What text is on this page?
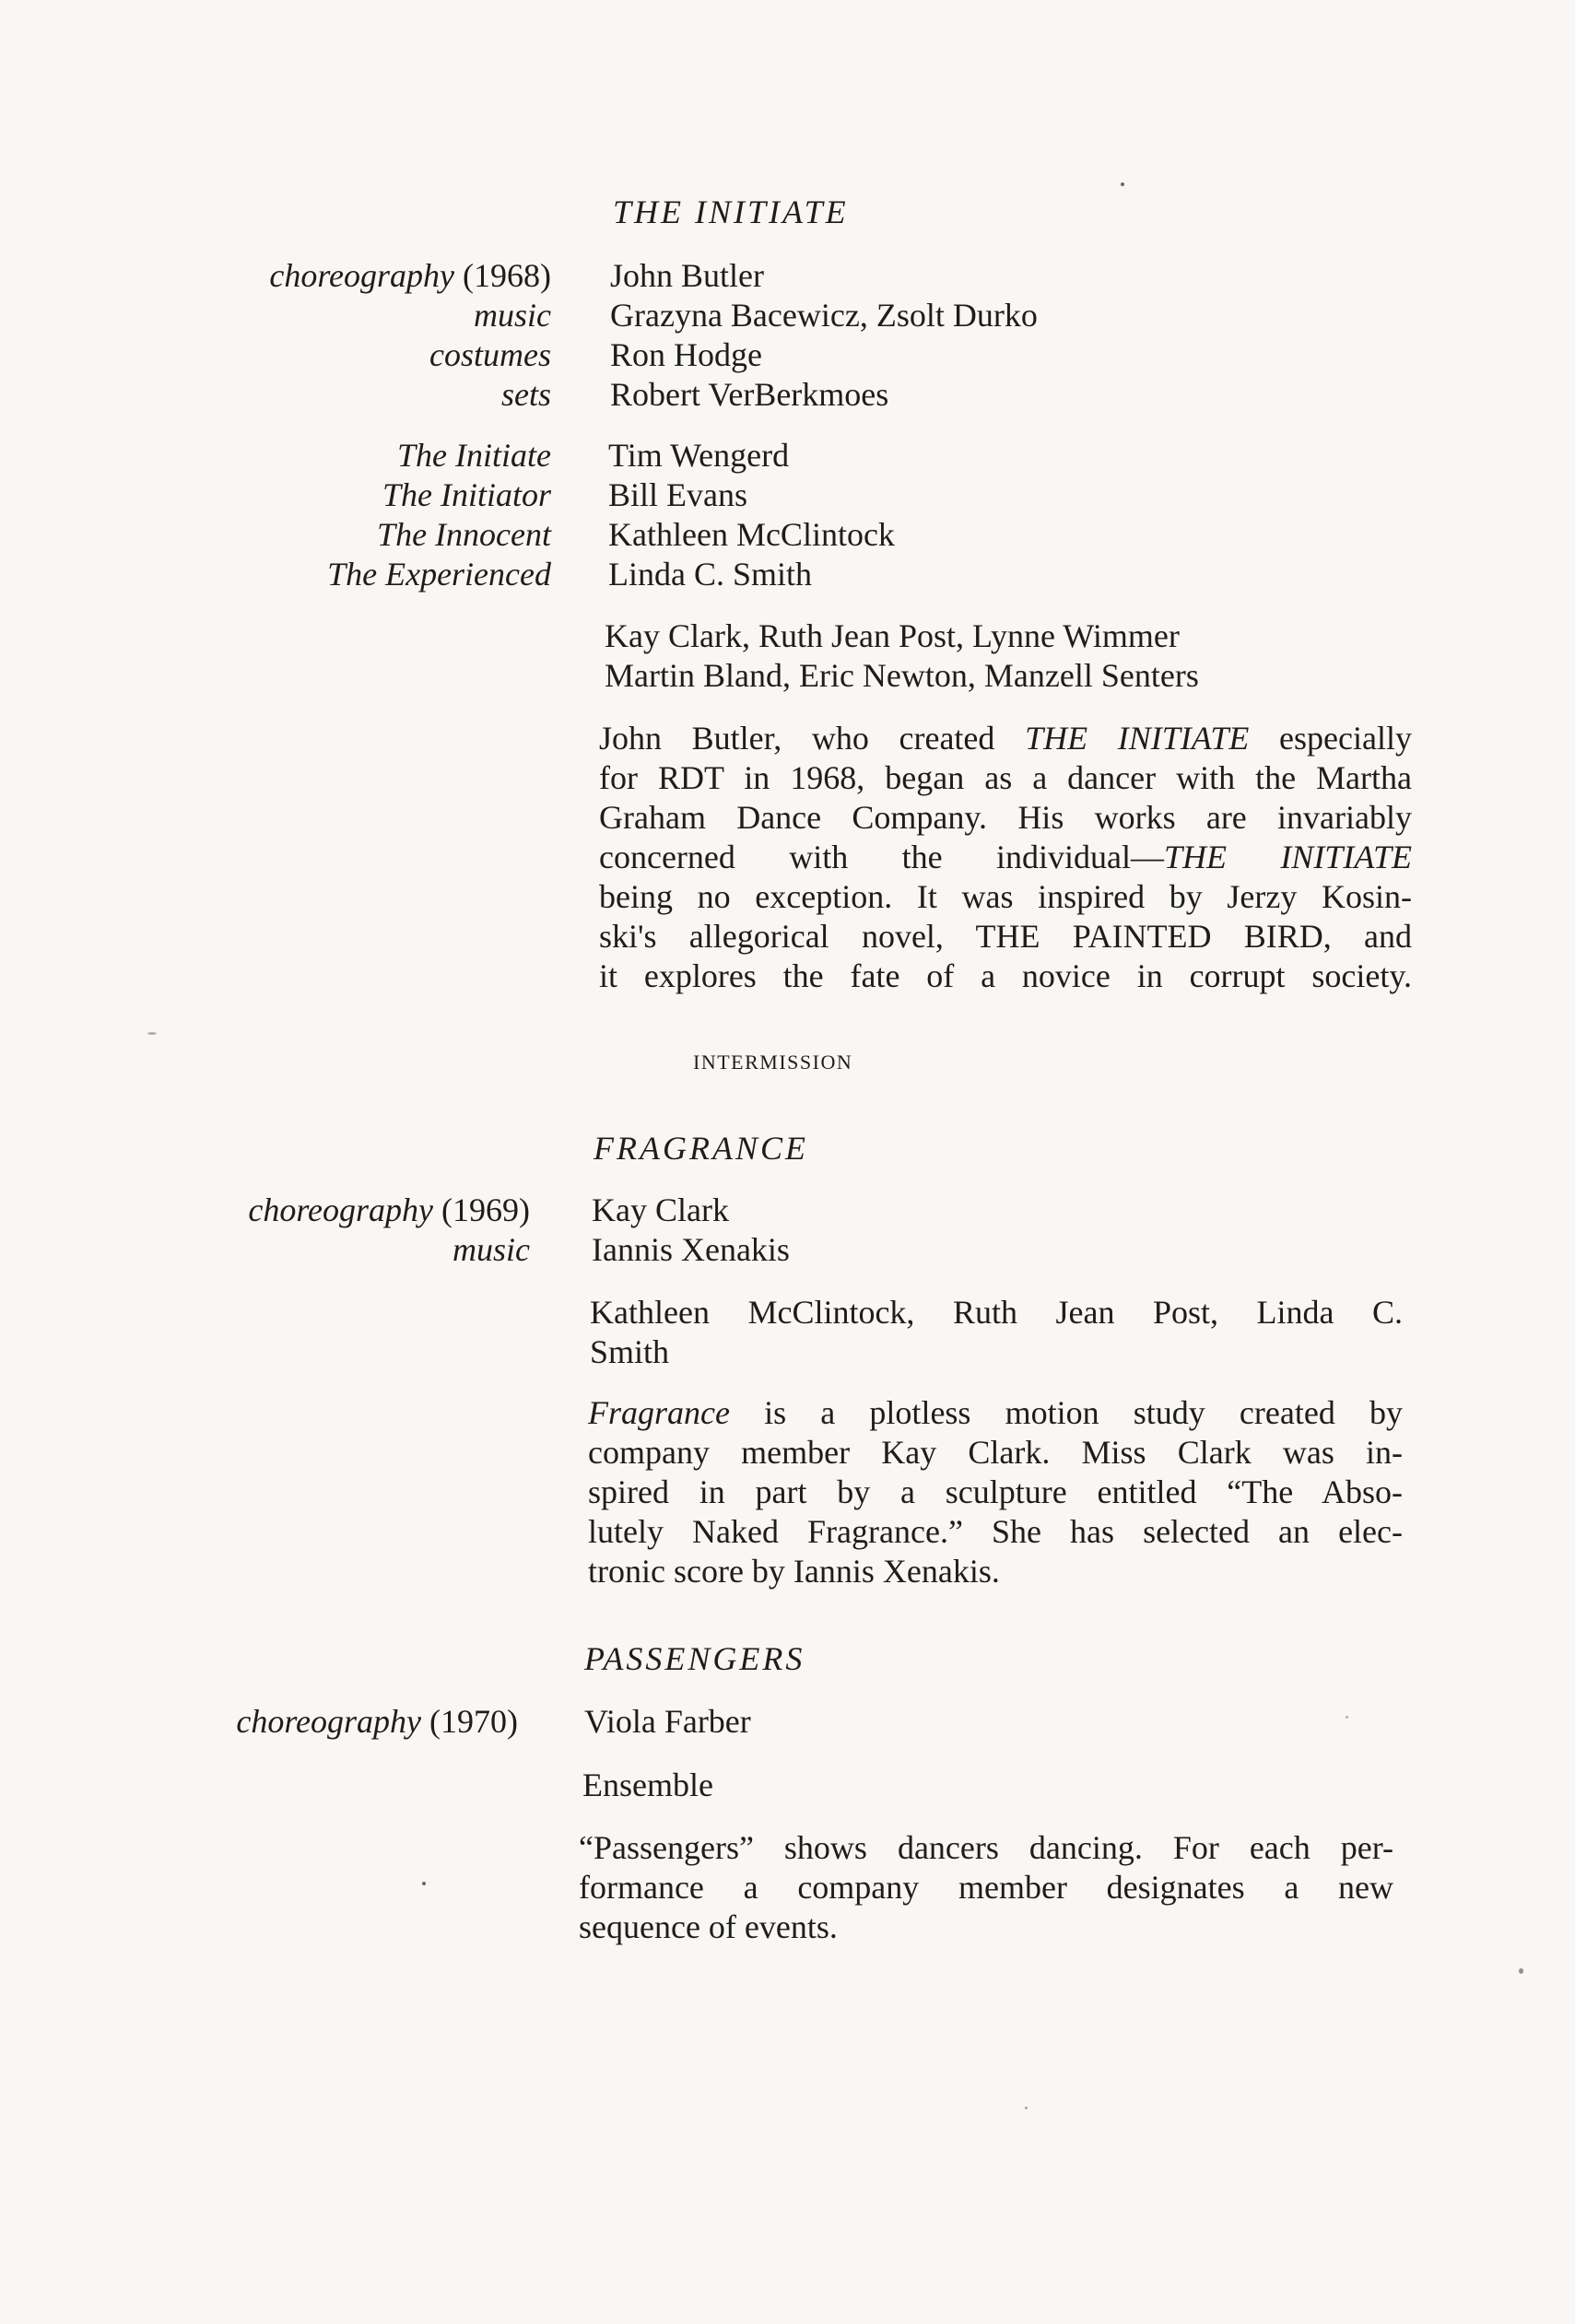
THE INITIATE
choreography (1968)
music
costumes
sets
John Butler
Grazyna Bacewicz, Zsolt Durko
Ron Hodge
Robert VerBerkmoes
The Initiate
The Initiator
The Innocent
The Experienced
Tim Wengerd
Bill Evans
Kathleen McClintock
Linda C. Smith
Kay Clark, Ruth Jean Post, Lynne Wimmer
Martin Bland, Eric Newton, Manzell Senters
John Butler, who created THE INITIATE especially
for RDT in 1968, began as a dancer with the Martha
Graham Dance Company. His works are invariably
concerned with the individual—THE INITIATE
being no exception. It was inspired by Jerzy Kosin-
ski's allegorical novel, THE PAINTED BIRD, and
it explores the fate of a novice in corrupt society.
INTERMISSION
FRAGRANCE
choreography (1969)
music
Kay Clark
Iannis Xenakis
Kathleen McClintock, Ruth Jean Post, Linda C.
Smith
Fragrance is a plotless motion study created by
company member Kay Clark. Miss Clark was in-
spired in part by a sculpture entitled “The Abso-
lutely Naked Fragrance.” She has selected an elec-
tronic score by Iannis Xenakis.
PASSENGERS
choreography (1970) Viola Farber
Ensemble
“Passengers” shows dancers dancing. For each per-
formance a company member designates a new
sequence of events.
